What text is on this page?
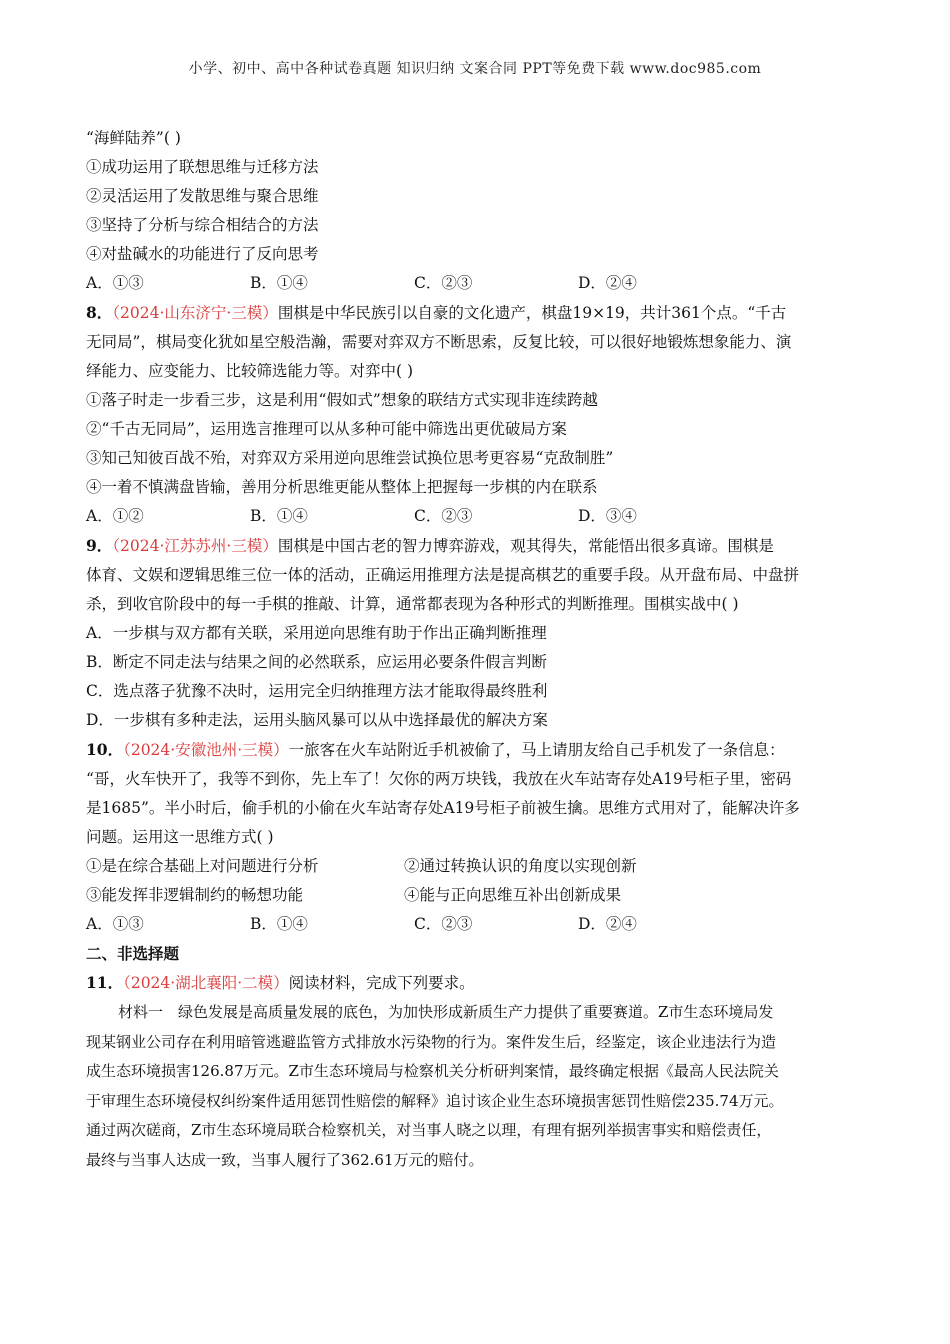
小学、初中、高中各种试卷真题 知识归纳 文案合同 PPT等免费下载 www.doc985.com
“海鲜陆养”( )
①成功运用了联想思维与迁移方法
②灵活运用了发散思维与聚合思维
③坚持了分析与综合相结合的方法
④对盐碱水的功能进行了反向思考
A．①③	B．①④	C．②③	D．②④
8．（2024·山东济宁·三模）围棋是中华民族引以自豪的文化遗产，棋盘19×19，共计361个点。“千古
无同局”，棋局变化犹如星空般浩瀚，需要对弈双方不断思索，反复比较，可以很好地锻炼想象能力、演
绎能力、应变能力、比较筛选能力等。对弈中( )
①落子时走一步看三步，这是利用“假如式”想象的联结方式实现非连续跨越
②“千古无同局”，运用选言推理可以从多种可能中筛选出更优破局方案
③知己知彼百战不殆，对弈双方采用逆向思维尝试换位思考更容易“克敌制胜”
④一着不慎满盘皆输，善用分析思维更能从整体上把握每一步棋的内在联系
A．①②	B．①④	C．②③	D．③④
9．（2024·江苏苏州·三模）围棋是中国古老的智力博弈游戏，观其得失，常能悟出很多真谛。围棋是
体育、文娱和逻辑思维三位一体的活动，正确运用推理方法是提高棋艺的重要手段。从开盘布局、中盘拼
杀，到收官阶段中的每一手棋的推敲、计算，通常都表现为各种形式的判断推理。围棋实战中( )
A．一步棋与双方都有关联，采用逆向思维有助于作出正确判断推理
B．断定不同走法与结果之间的必然联系，应运用必要条件假言判断
C．选点落子犹豫不决时，运用完全归纳推理方法才能取得最终胜利
D．一步棋有多种走法，运用头脑风暴可以从中选择最优的解决方案
10．（2024·安徽池州·三模）一旅客在火车站附近手机被偷了，马上请朋友给自己手机发了一条信息：
“哥，火车快开了，我等不到你，先上车了！欠你的两万块钱，我放在火车站寄存处A19号柜子里，密码
是1685”。半小时后，偷手机的小偷在火车站寄存处A19号柜子前被生擒。思维方式用对了，能解决许多
问题。运用这一思维方式( )
①是在综合基础上对问题进行分析	②通过转换认识的角度以实现创新
③能发挥非逻辑制约的畅想功能	④能与正向思维互补出创新成果
A．①③	B．①④	C．②③	D．②④
二、非选择题
11．（2024·湖北襄阳·二模）阅读材料，完成下列要求。
材料一　绿色发展是高质量发展的底色，为加快形成新质生产力提供了重要赛道。Z市生态环境局发
现某钢业公司存在利用暗管逃避监管方式排放水污染物的行为。案件发生后，经鉴定，该企业违法行为造
成生态环境损害126.87万元。Z市生态环境局与检察机关分析研判案情，最终确定根据《最高人民法院关
于审理生态环境侵权纠纷案件适用惩罚性赔偿的解释》追讨该企业生态环境损害惩罚性赔偿235.74万元。
通过两次磋商，Z市生态环境局联合检察机关，对当事人晓之以理，有理有据列举损害事实和赔偿责任，
最终与当事人达成一致，当事人履行了362.61万元的赔付。
